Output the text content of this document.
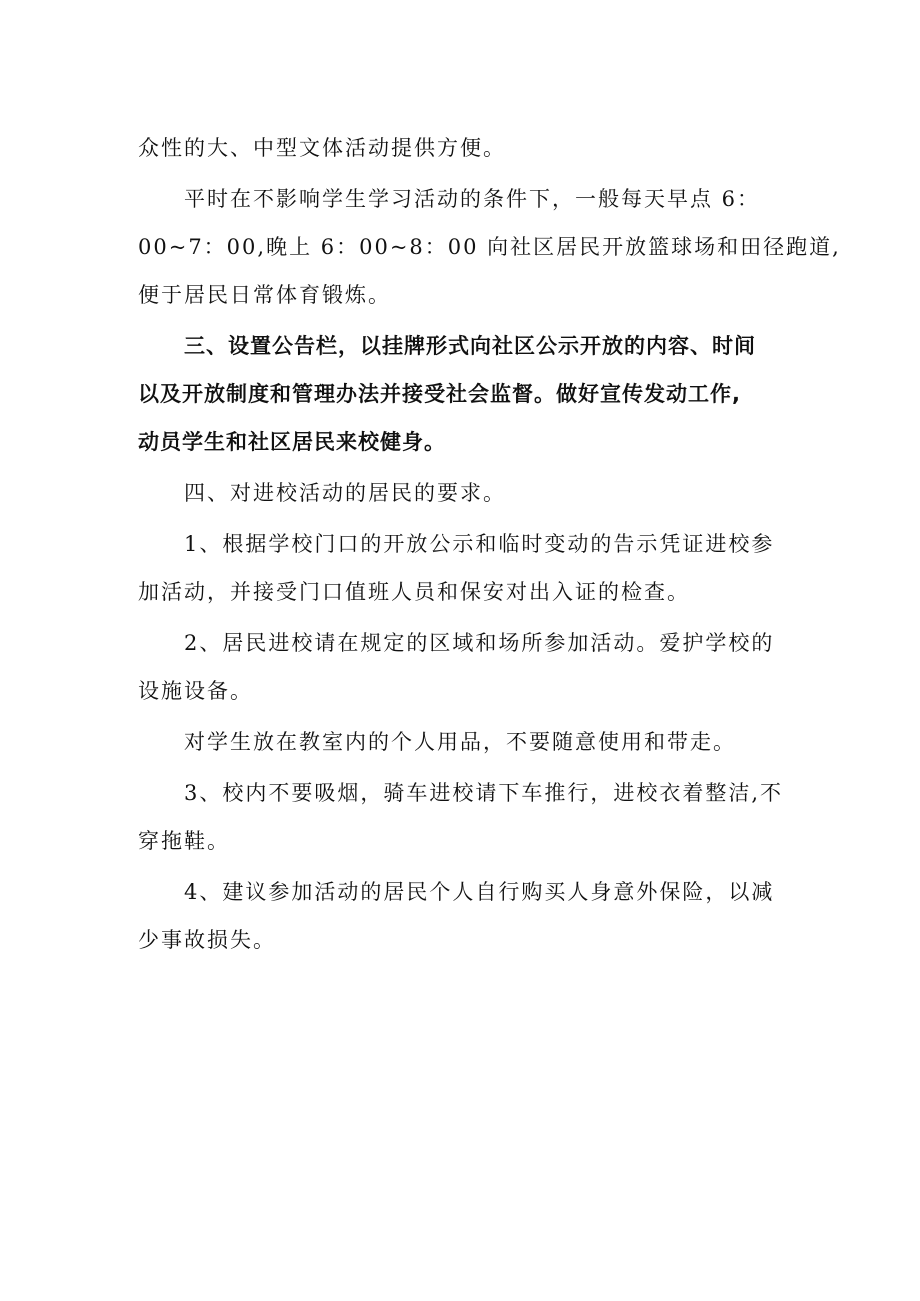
众性的大、中型文体活动提供方便。
平时在不影响学生学习活动的条件下，一般每天早点 6：
00~7：00,晚上 6：00~8：00 向社区居民开放篮球场和田径跑道,
便于居民日常体育锻炼。
三、设置公告栏，以挂牌形式向社区公示开放的内容、时间
以及开放制度和管理办法并接受社会监督。做好宣传发动工作,
动员学生和社区居民来校健身。
四、对进校活动的居民的要求。
1、根据学校门口的开放公示和临时变动的告示凭证进校参
加活动，并接受门口值班人员和保安对出入证的检查。
2、居民进校请在规定的区域和场所参加活动。爱护学校的
设施设备。
对学生放在教室内的个人用品，不要随意使用和带走。
3、校内不要吸烟，骑车进校请下车推行，进校衣着整洁,不
穿拖鞋。
4、建议参加活动的居民个人自行购买人身意外保险，以减
少事故损失。
